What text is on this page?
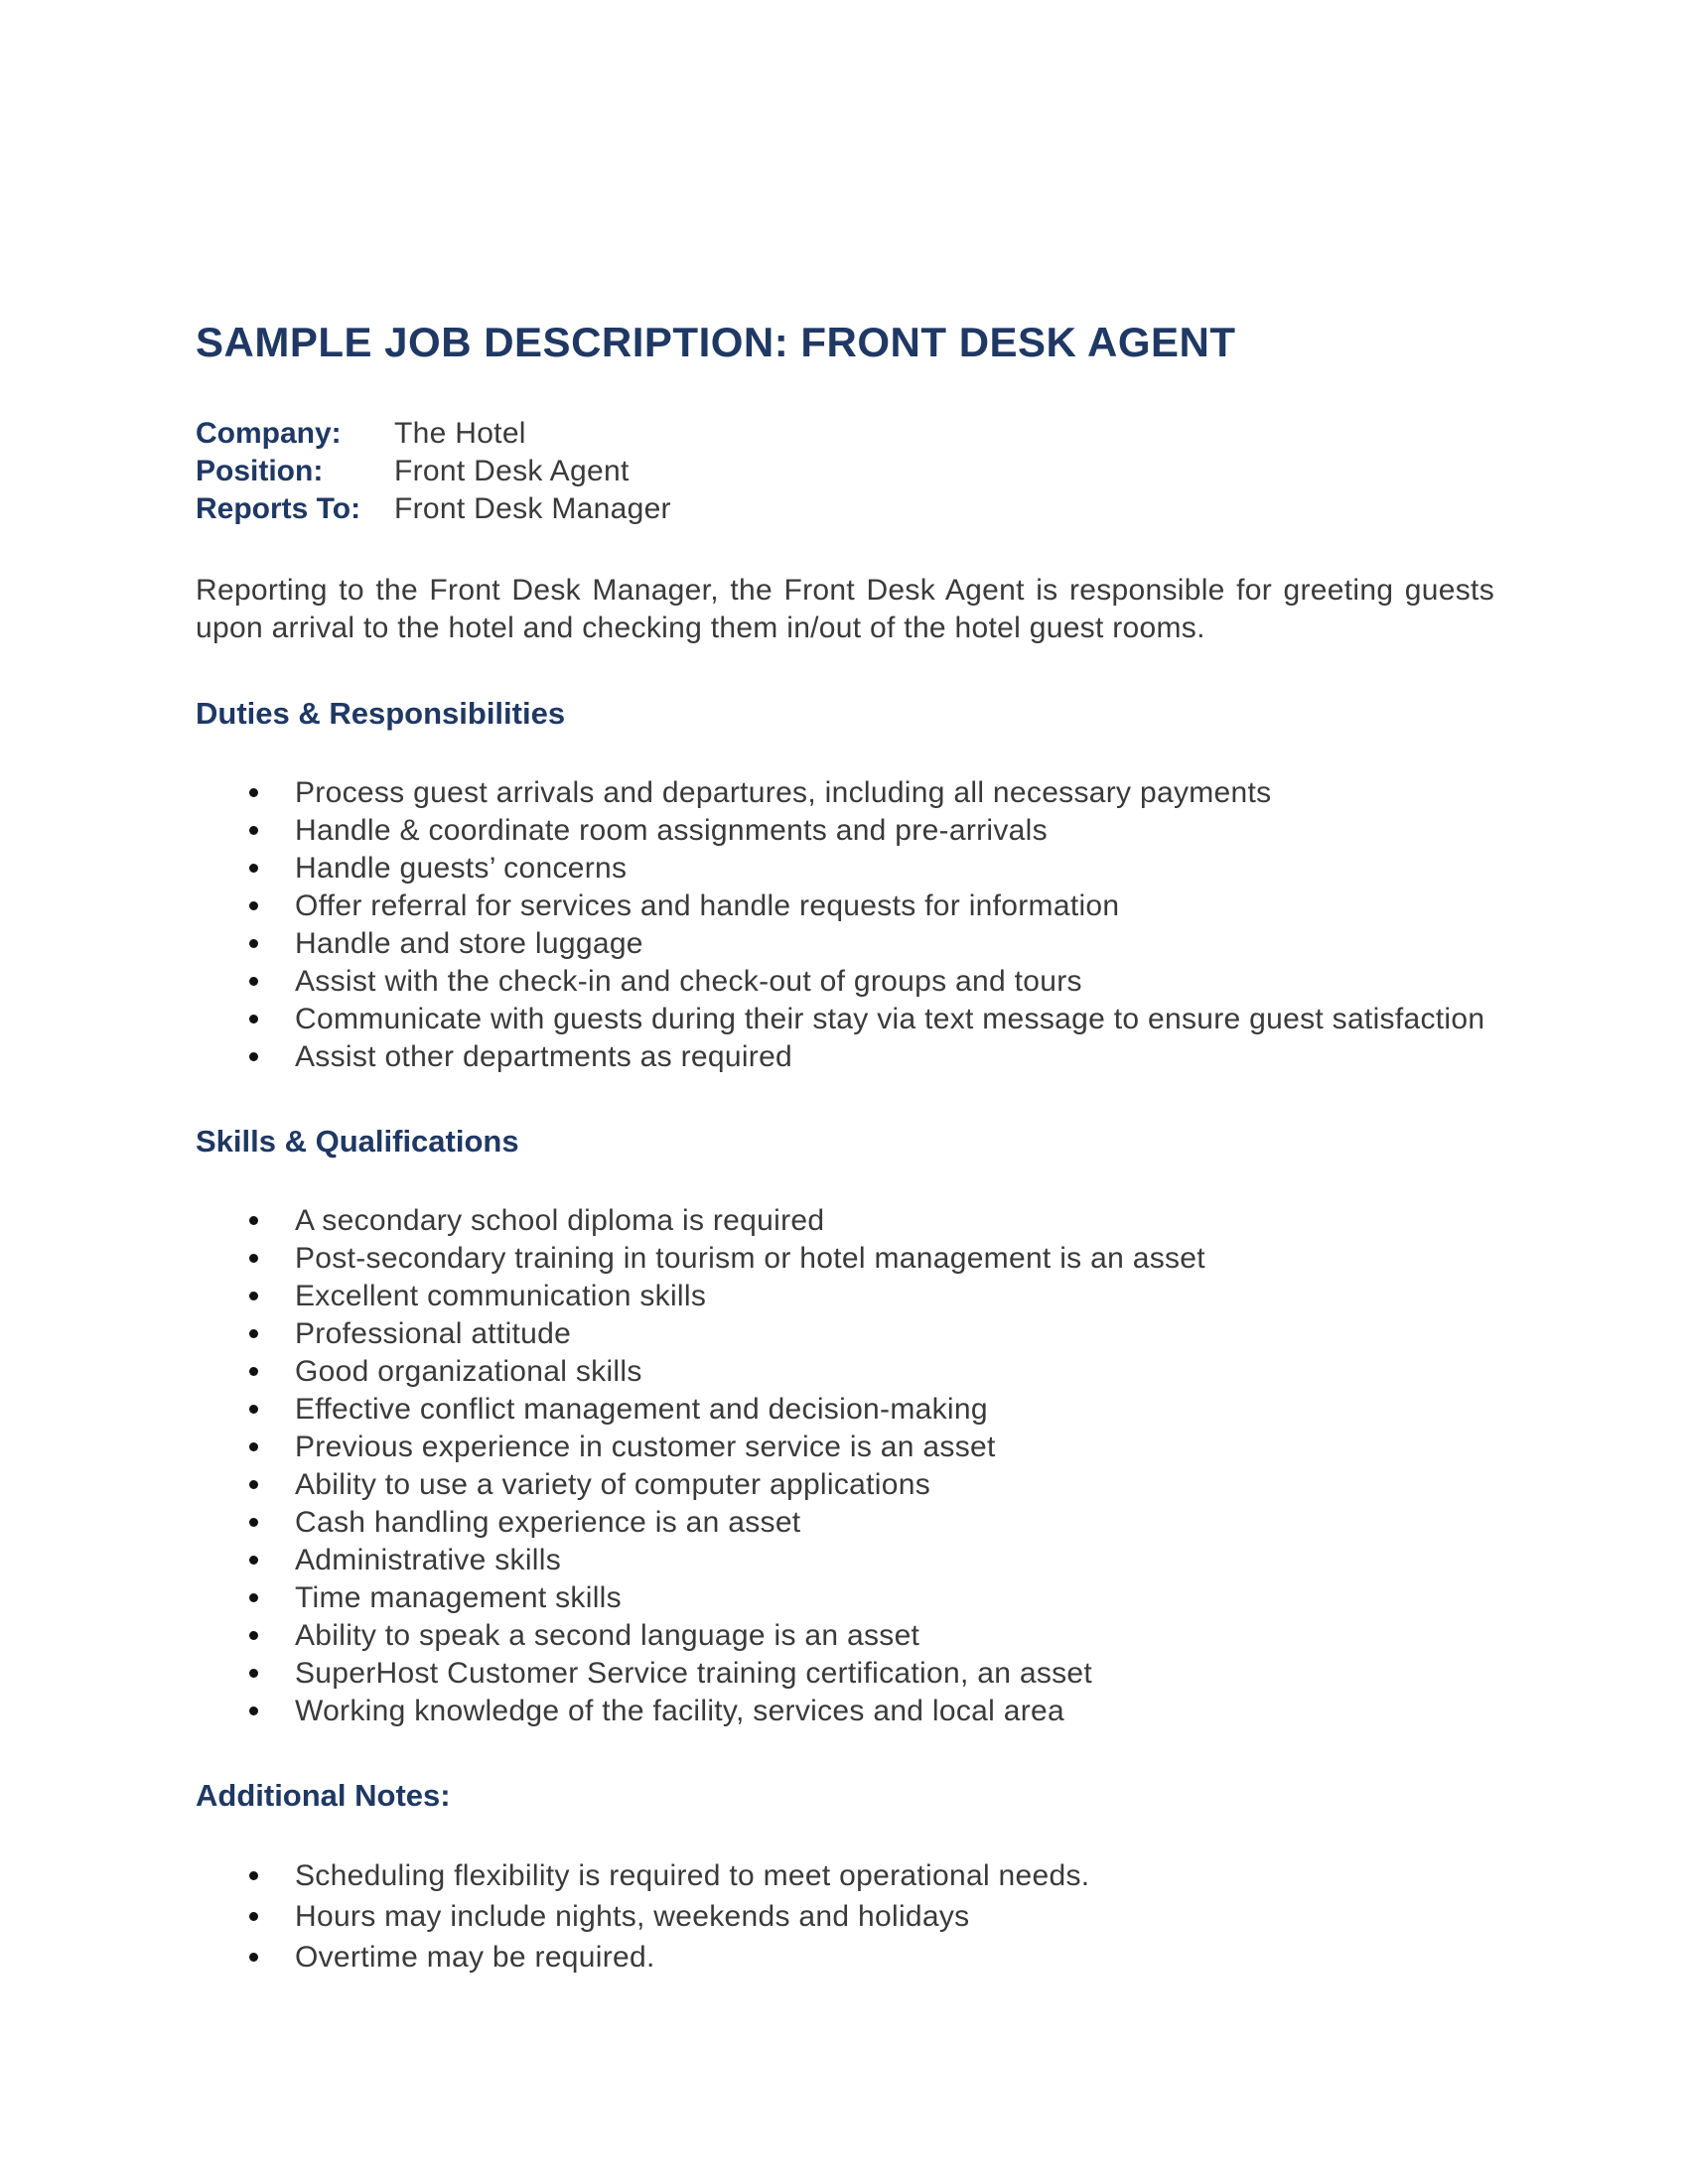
SAMPLE JOB DESCRIPTION: FRONT DESK AGENT
Company: The Hotel
Position: Front Desk Agent
Reports To: Front Desk Manager

Reporting to the Front Desk Manager, the Front Desk Agent is responsible for greeting guests upon arrival to the hotel and checking them in/out of the hotel guest rooms.

Duties & Responsibilities
Process guest arrivals and departures, including all necessary payments
Handle & coordinate room assignments and pre-arrivals
Handle guests’ concerns
Offer referral for services and handle requests for information
Handle and store luggage
Assist with the check-in and check-out of groups and tours
Communicate with guests during their stay via text message to ensure guest satisfaction
Assist other departments as required
Skills & Qualifications
A secondary school diploma is required
Post-secondary training in tourism or hotel management is an asset
Excellent communication skills
Professional attitude
Good organizational skills
Effective conflict management and decision-making
Previous experience in customer service is an asset
Ability to use a variety of computer applications
Cash handling experience is an asset
Administrative skills
Time management skills
Ability to speak a second language is an asset
SuperHost Customer Service training certification, an asset
Working knowledge of the facility, services and local area
Additional Notes:
Scheduling flexibility is required to meet operational needs.
Hours may include nights, weekends and holidays
Overtime may be required.
